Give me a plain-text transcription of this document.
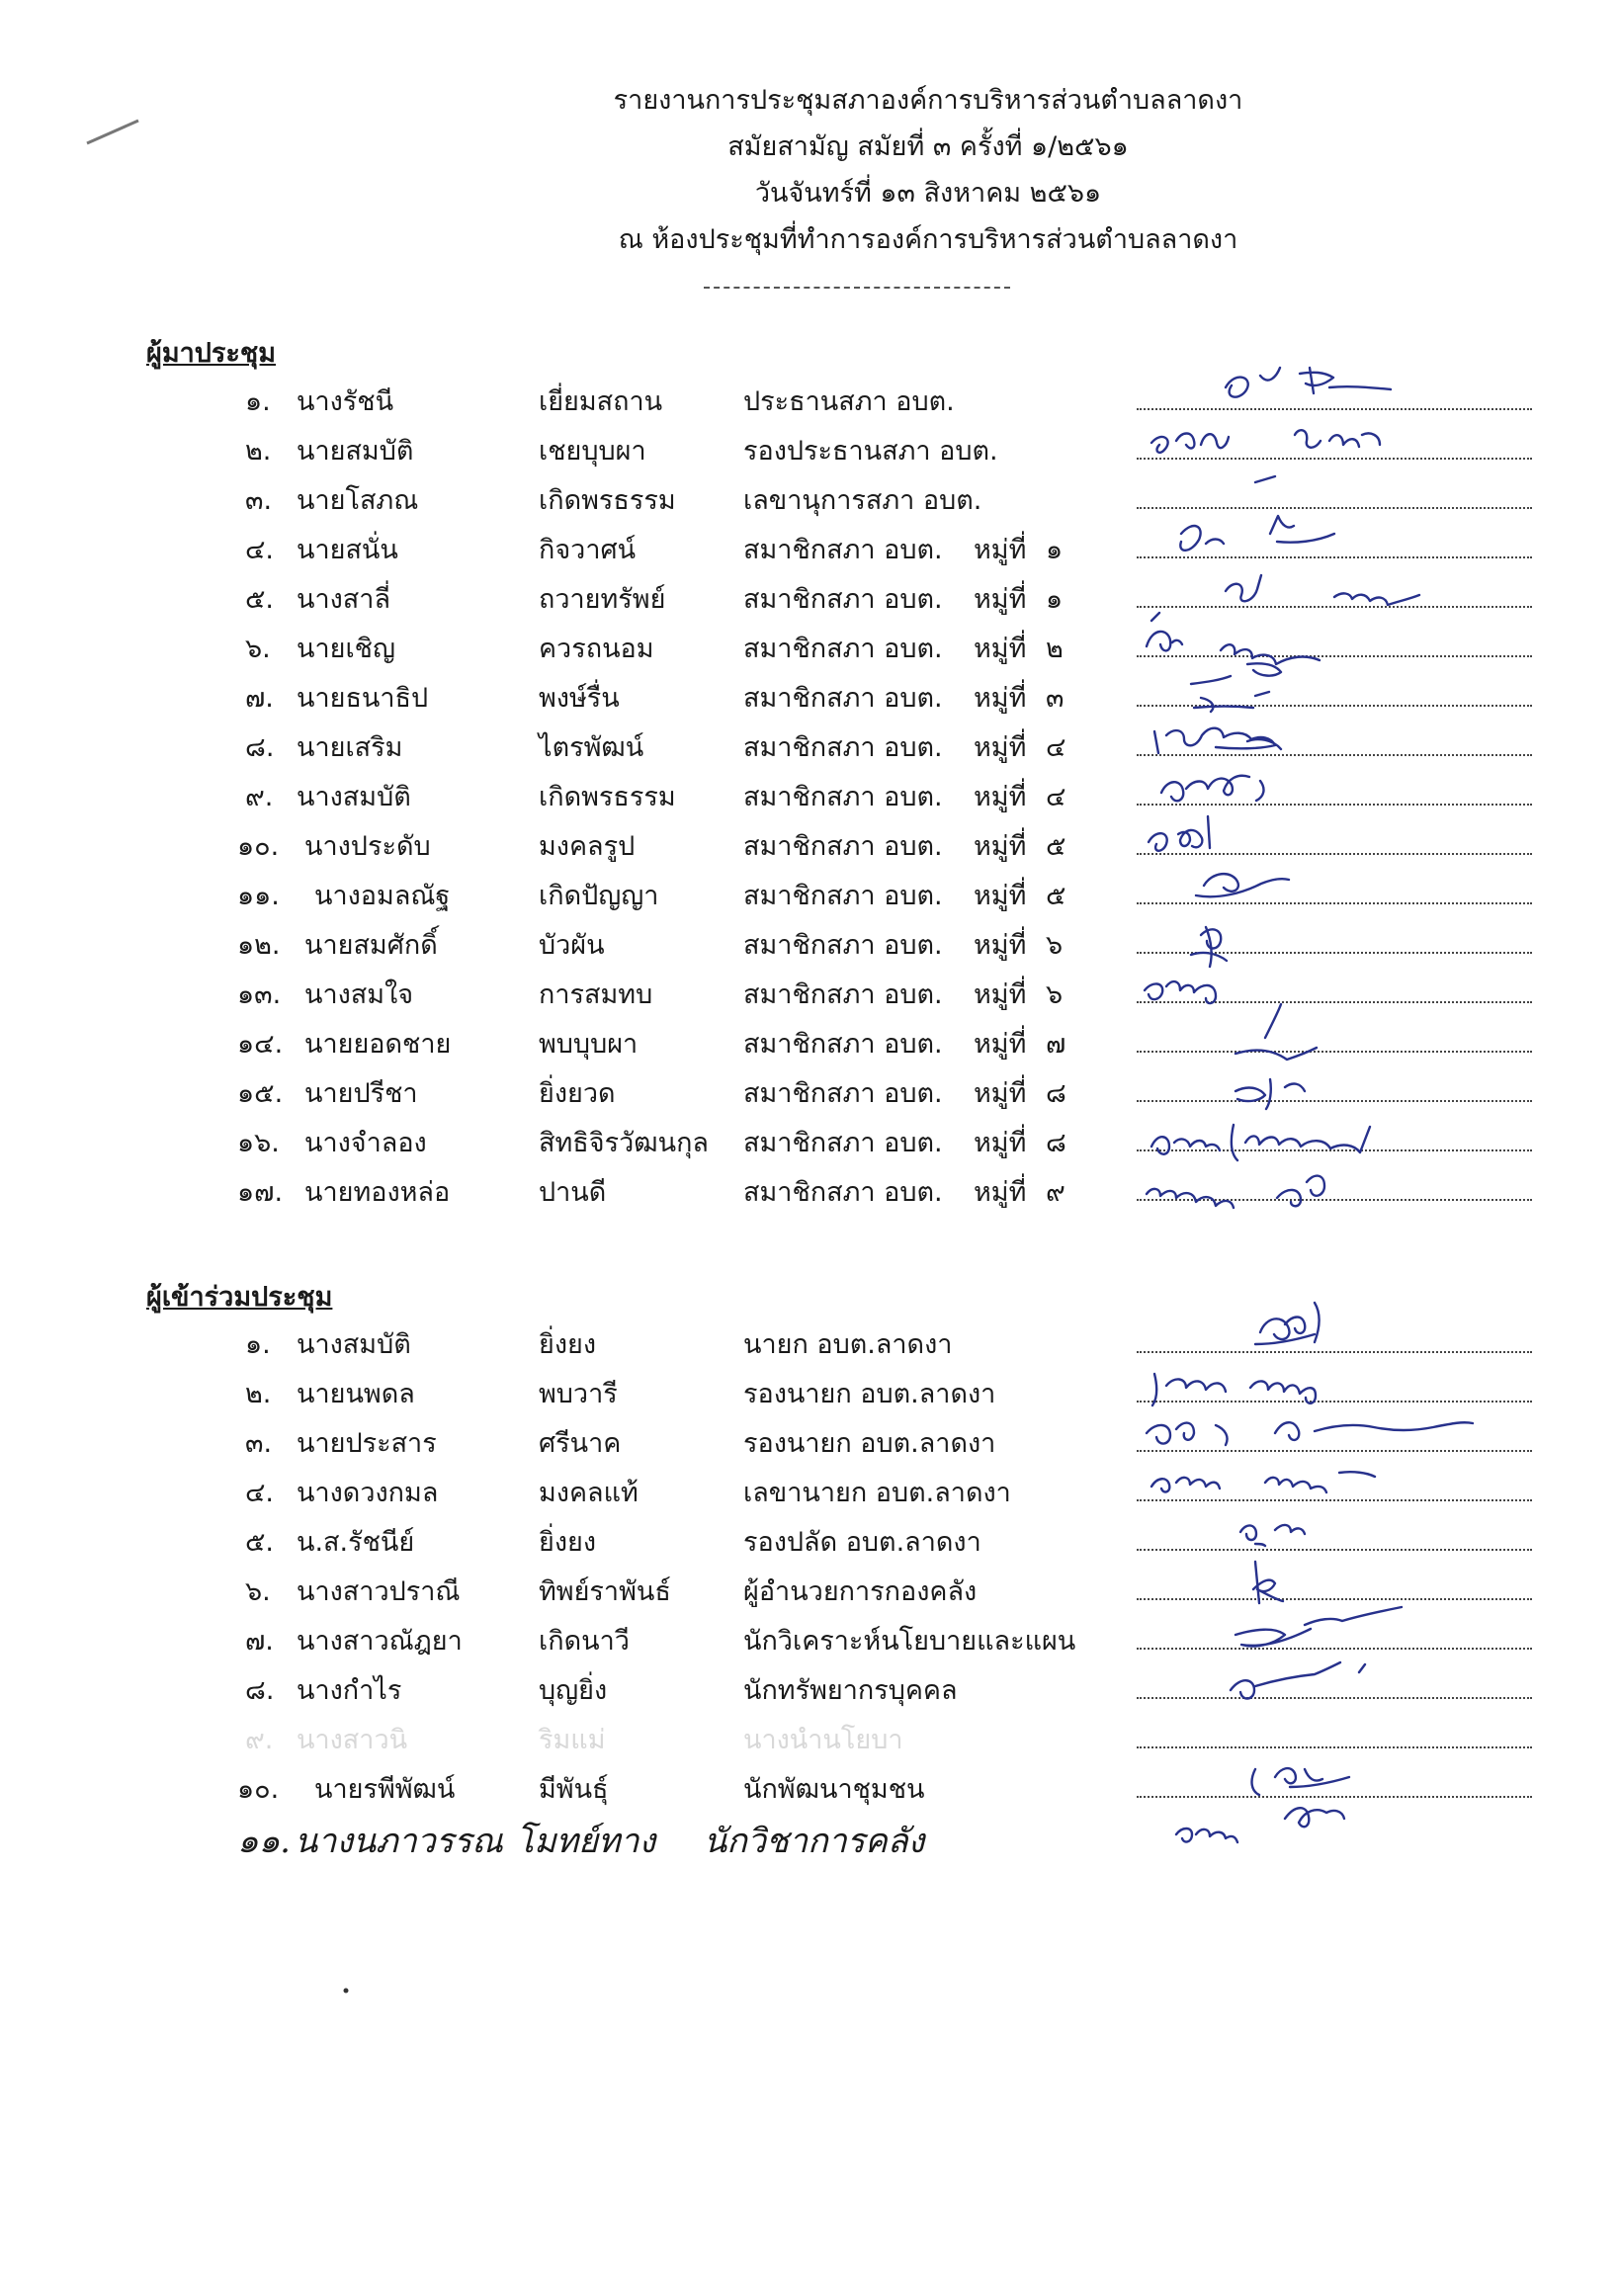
รายงานการประชุมสภาองค์การบริหารส่วนตำบลลาดงา
สมัยสามัญ สมัยที่ ๓ ครั้งที่ ๑/๒๕๖๑
วันจันทร์ที่ ๑๓ สิงหาคม ๒๕๖๑
ณ ห้องประชุมที่ทำการองค์การบริหารส่วนตำบลลาดงา
ผู้มาประชุม
๑. นางรัชนี	เยี่ยมสถาน	ประธานสภา อบต.
๒. นายสมบัติ	เชยบุบผา	รองประธานสภา อบต.
๓. นายโสภณ	เกิดพรธรรม	เลขานุการสภา อบต.
๔. นายสนั่น	กิจวาศน์	สมาชิกสภา อบต. หมู่ที่ ๑
๕. นางสาลี่	ถวายทรัพย์	สมาชิกสภา อบต. หมู่ที่ ๑
๖. นายเชิญ	ควรถนอม	สมาชิกสภา อบต. หมู่ที่ ๒
๗. นายธนาธิป	พงษ์รื่น	สมาชิกสภา อบต. หมู่ที่ ๓
๘. นายเสริม	ไตรพัฒน์	สมาชิกสภา อบต. หมู่ที่ ๔
๙. นางสมบัติ	เกิดพรธรรม	สมาชิกสภา อบต. หมู่ที่ ๔
๑๐. นางประดับ	มงคลรูป	สมาชิกสภา อบต. หมู่ที่ ๕
๑๑. นางอมลณัฐ	เกิดปัญญา	สมาชิกสภา อบต. หมู่ที่ ๕
๑๒. นายสมศักดิ์	บัวผัน	สมาชิกสภา อบต. หมู่ที่ ๖
๑๓. นางสมใจ	การสมทบ	สมาชิกสภา อบต. หมู่ที่ ๖
๑๔. นายยอดชาย	พบบุบผา	สมาชิกสภา อบต. หมู่ที่ ๗
๑๕. นายปรีชา	ยิ่งยวด	สมาชิกสภา อบต. หมู่ที่ ๘
๑๖. นางจำลอง	สิทธิจิรวัฒนกุล สมาชิกสภา อบต. หมู่ที่ ๘
๑๗. นายทองหล่อ	ปานดี	สมาชิกสภา อบต. หมู่ที่ ๙
ผู้เข้าร่วมประชุม
๑. นางสมบัติ	ยิ่งยง	นายก อบต.ลาดงา
๒. นายนพดล	พบวารี	รองนายก อบต.ลาดงา
๓. นายประสาร	ศรีนาค	รองนายก อบต.ลาดงา
๔. นางดวงกมล	มงคลแท้	เลขานายก อบต.ลาดงา
๕. น.ส.รัชนีย์	ยิ่งยง	รองปลัด อบต.ลาดงา
๖. นางสาวปราณี	ทิพย์ราพันธ์	ผู้อำนวยการกองคลัง
๗. นางสาวณัฎยา	เกิดนาวี	นักวิเคราะห์นโยบายและแผน
๘. นางกำไร	บุญยิ่ง	นักทรัพยากรบุคคล
๙. นางสาวนิ	ริมแม่	นางนำนโยบา
๑๐. นายรพีพัฒน์	มีพันธุ์	นักพัฒนาชุมชน
๑๑. นางนภาวรรณ โมทย์ทาง นักวิชาการคลัง
